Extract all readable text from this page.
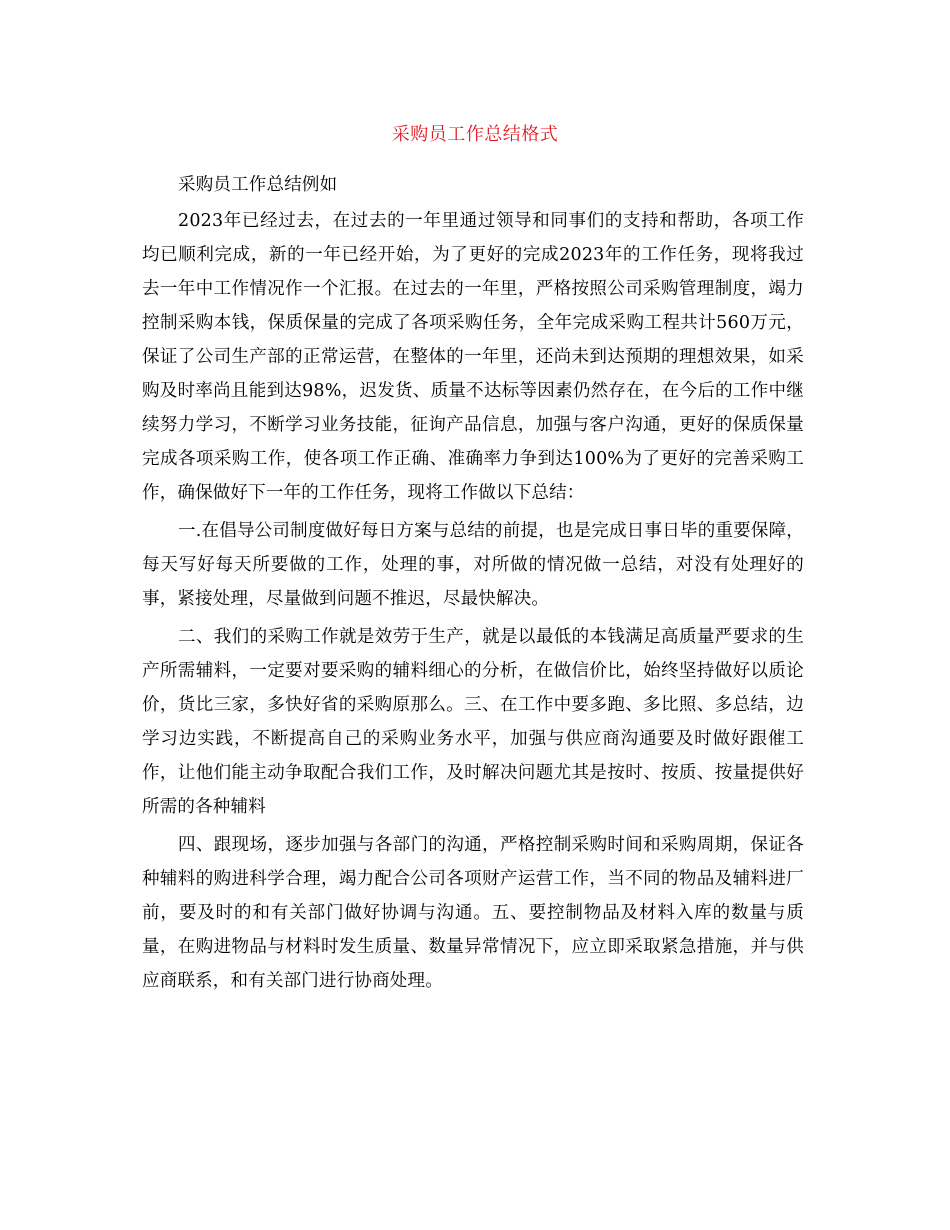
采购员工作总结格式

采购员工作总结例如

2023年已经过去，在过去的一年里通过领导和同事们的支持和帮助，各项工作均已顺利完成，新的一年已经开始，为了更好的完成2023年的工作任务，现将我过去一年中工作情况作一个汇报。在过去的一年里，严格按照公司采购管理制度，竭力控制采购本钱，保质保量的完成了各项采购任务，全年完成采购工程共计560万元，保证了公司生产部的正常运营，在整体的一年里，还尚未到达预期的理想效果，如采购及时率尚且能到达98%，迟发货、质量不达标等因素仍然存在，在今后的工作中继续努力学习，不断学习业务技能，征询产品信息，加强与客户沟通，更好的保质保量完成各项采购工作，使各项工作正确、准确率力争到达100%为了更好的完善采购工作，确保做好下一年的工作任务，现将工作做以下总结：

一.在倡导公司制度做好每日方案与总结的前提，也是完成日事日毕的重要保障，每天写好每天所要做的工作，处理的事，对所做的情况做一总结，对没有处理好的事，紧接处理，尽量做到问题不推迟，尽最快解决。

二、我们的采购工作就是效劳于生产，就是以最低的本钱满足高质量严要求的生产所需辅料，一定要对要采购的辅料细心的分析，在做信价比，始终坚持做好以质论价，货比三家，多快好省的采购原那么。三、在工作中要多跑、多比照、多总结，边学习边实践，不断提高自己的采购业务水平，加强与供应商沟通要及时做好跟催工作，让他们能主动争取配合我们工作，及时解决问题尤其是按时、按质、按量提供好所需的各种辅料

四、跟现场，逐步加强与各部门的沟通，严格控制采购时间和采购周期，保证各种辅料的购进科学合理，竭力配合公司各项财产运营工作，当不同的物品及辅料进厂前，要及时的和有关部门做好协调与沟通。五、要控制物品及材料入库的数量与质量，在购进物品与材料时发生质量、数量异常情况下，应立即采取紧急措施，并与供应商联系，和有关部门进行协商处理。
